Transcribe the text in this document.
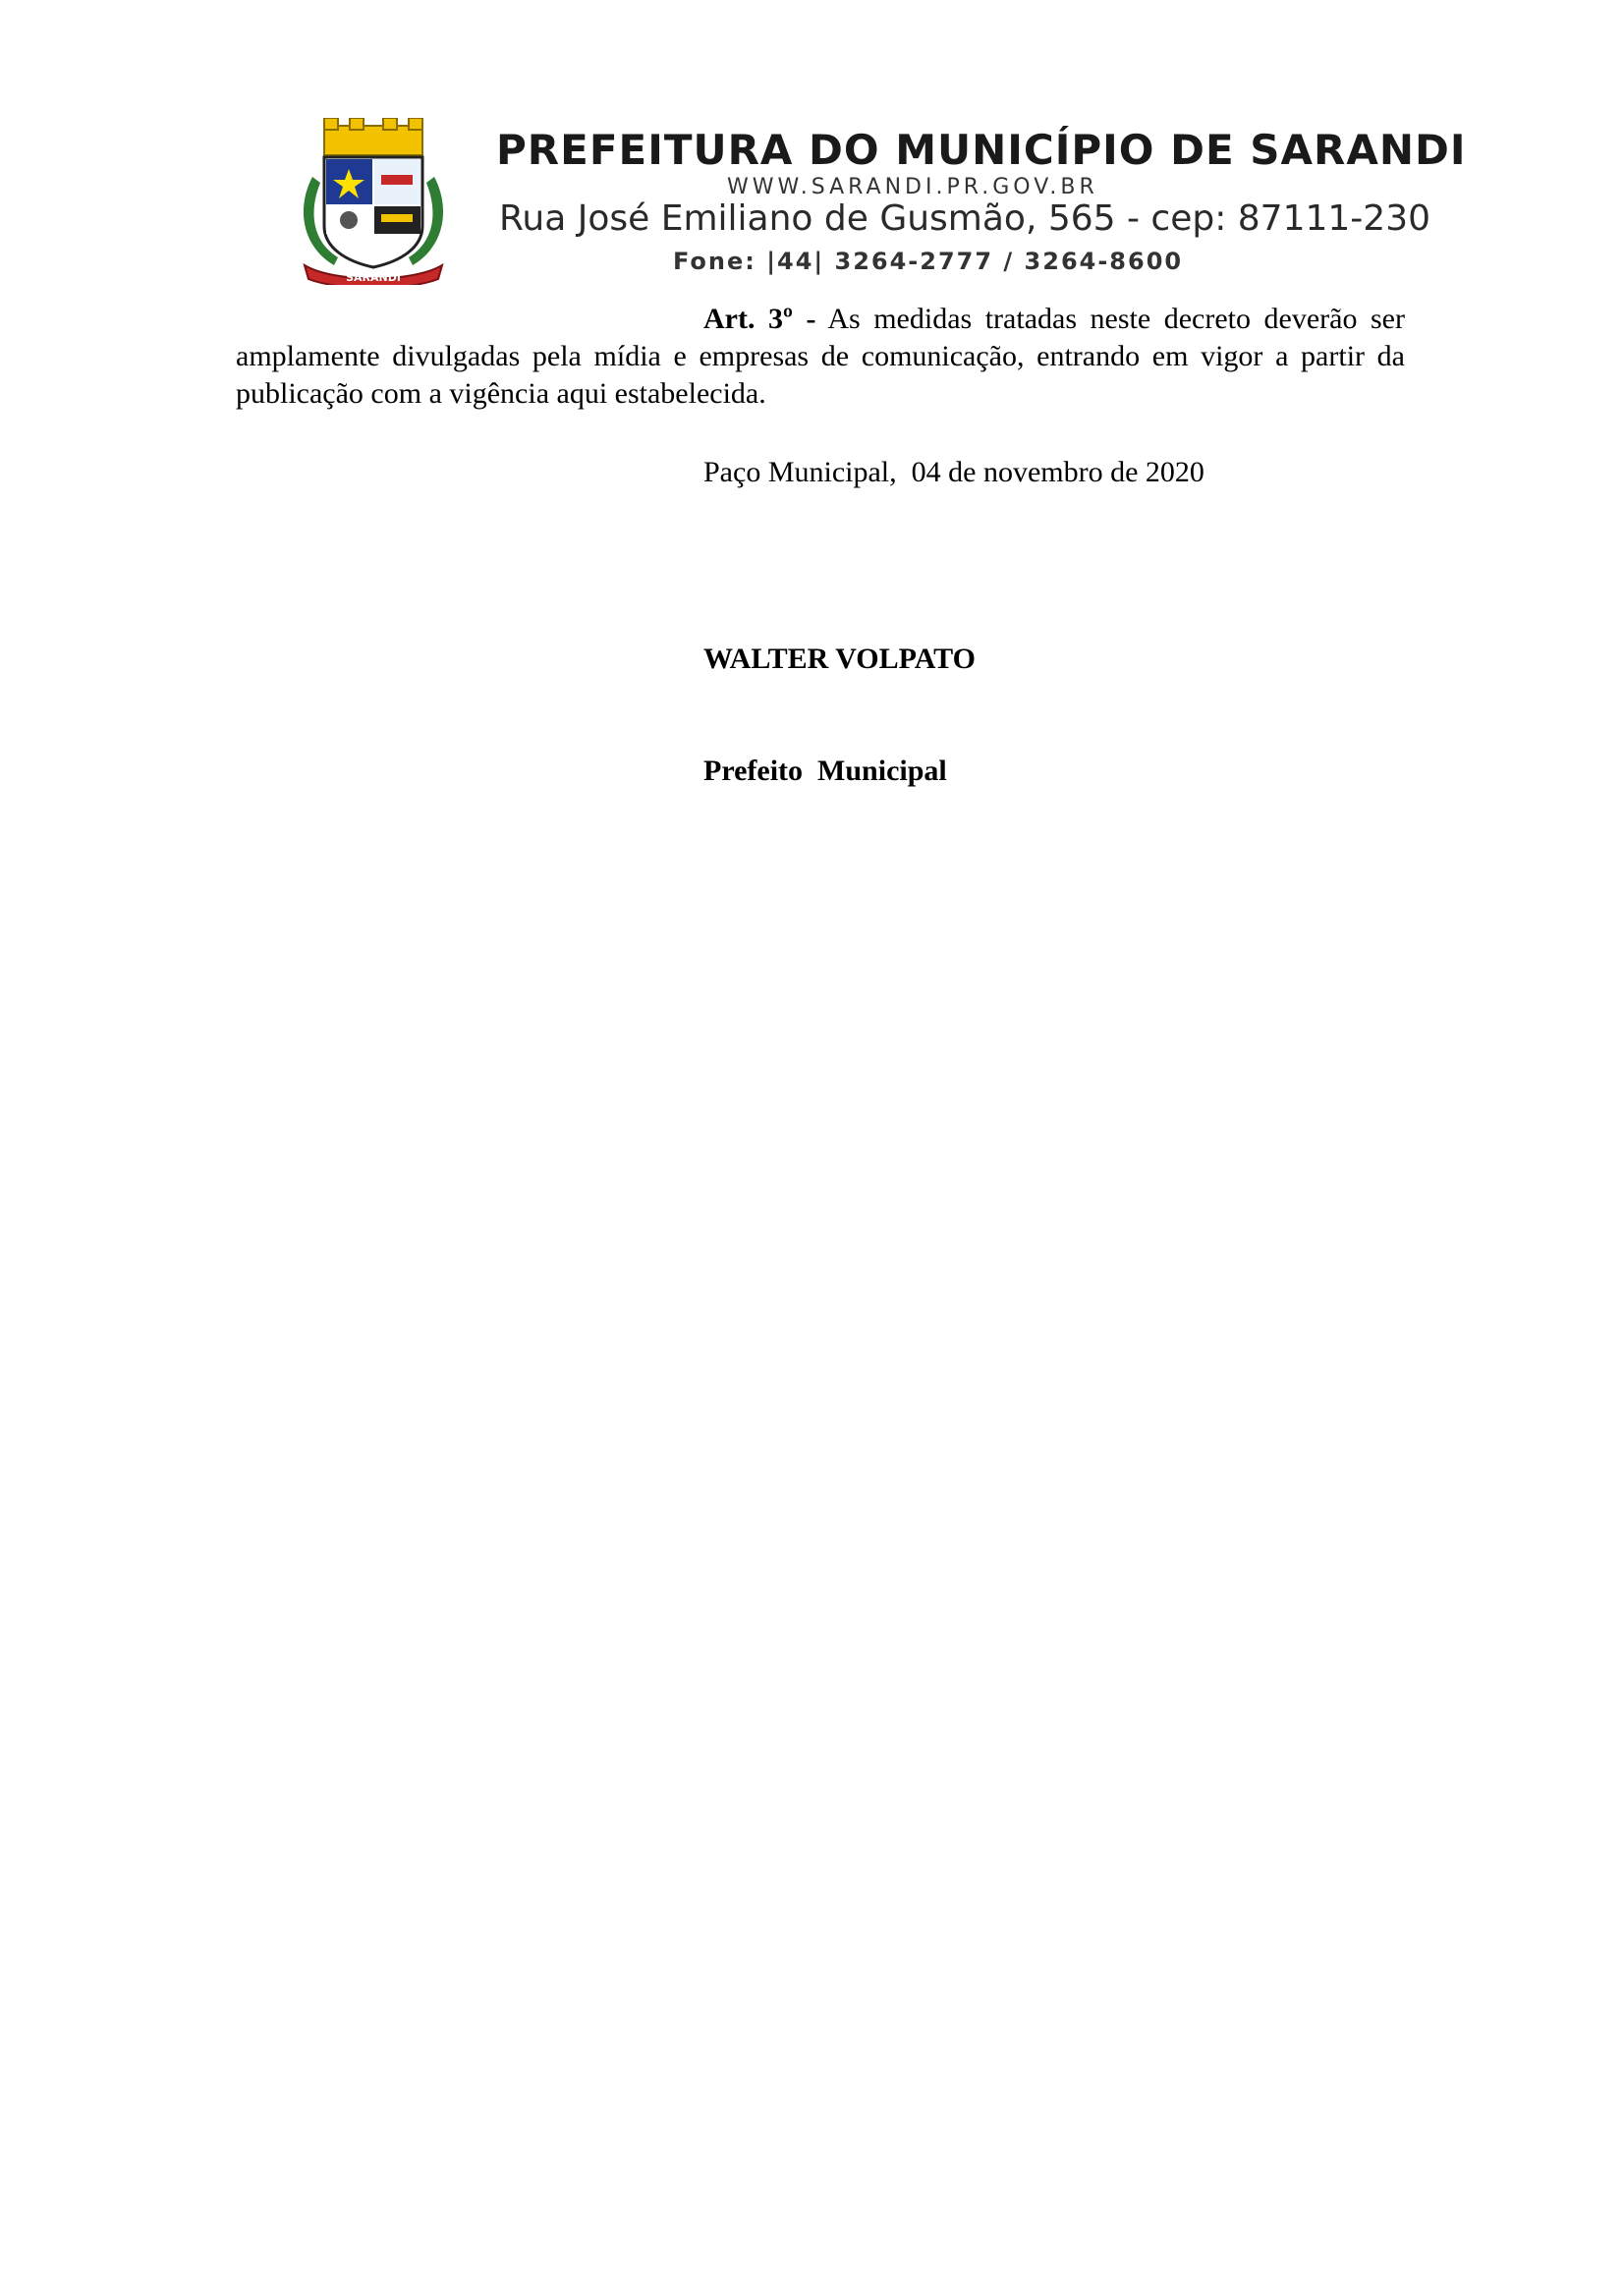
SARANDI
PREFEITURA DO MUNICÍPIO DE SARANDI
WWW.SARANDI.PR.GOV.BR
Rua José Emiliano de Gusmão, 565 - cep: 87111-230
Fone: |44| 3264-2777 / 3264-8600

Art. 3º - As medidas tratadas neste decreto deverão ser amplamente divulgadas pela mídia e empresas de comunicação, entrando em vigor a partir da publicação com a vigência aqui estabelecida.

Paço Municipal,  04 de novembro de 2020

WALTER VOLPATO

Prefeito  Municipal
